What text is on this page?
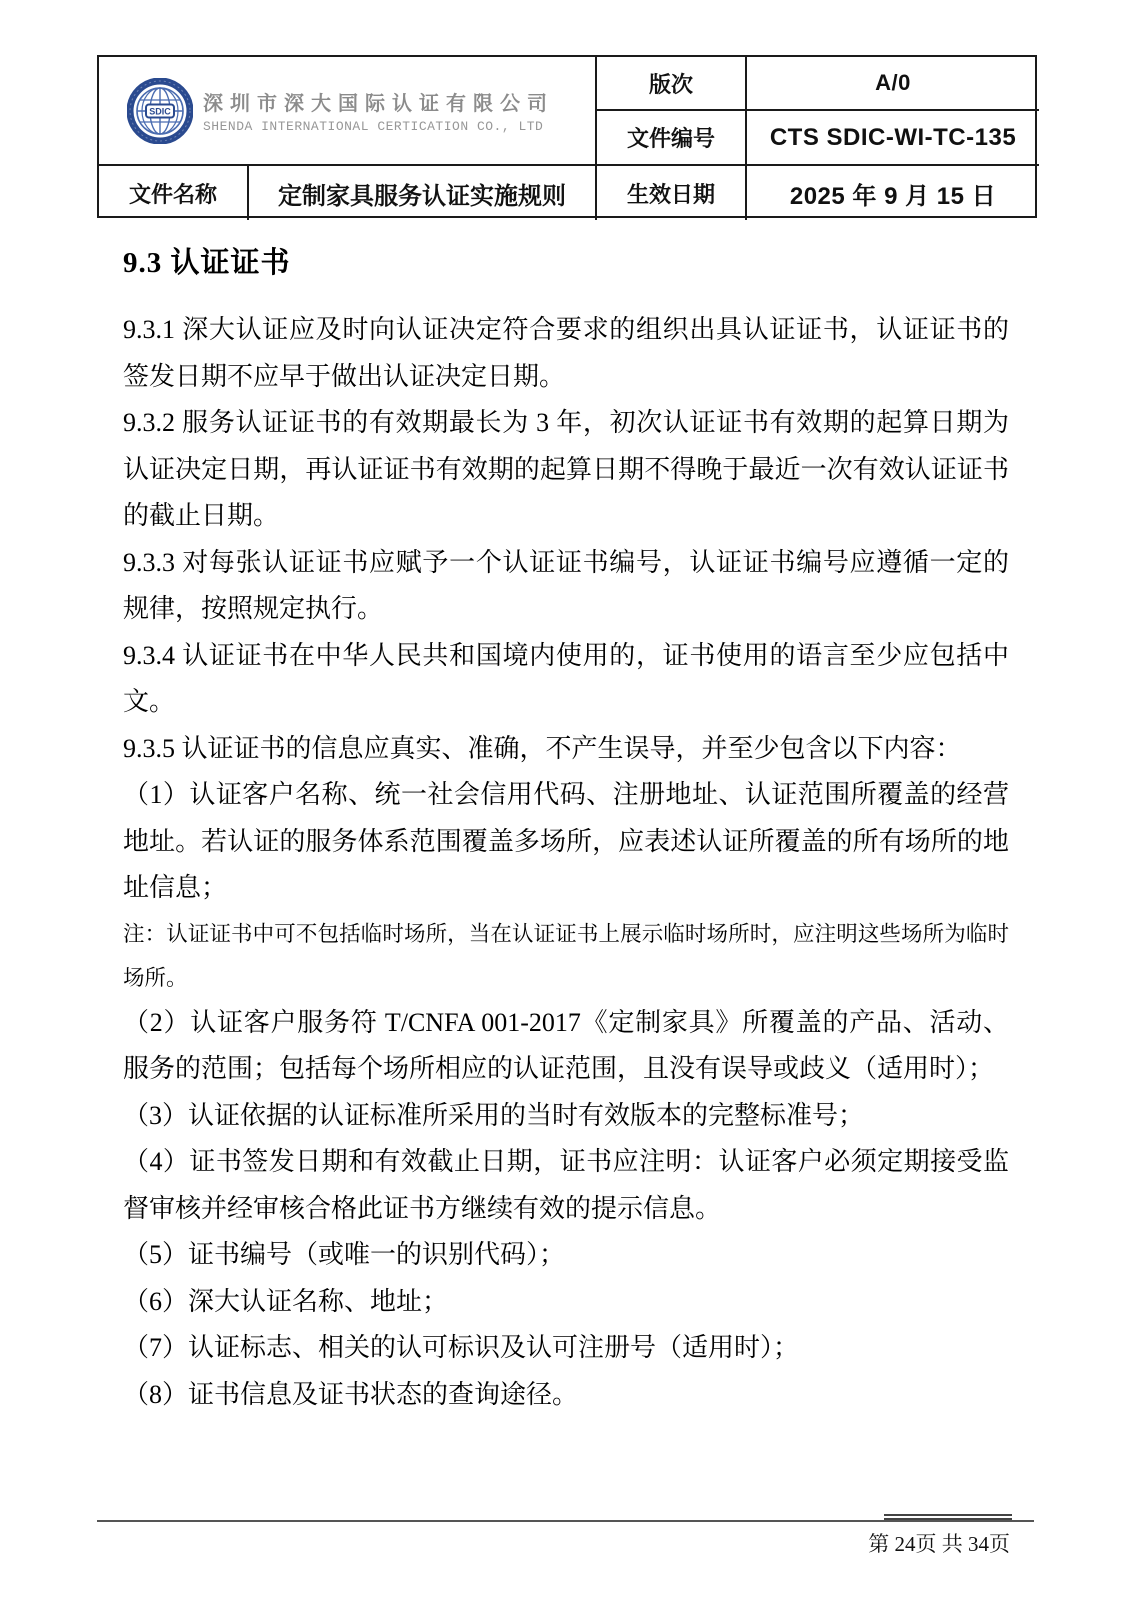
SDIC 深圳市深大国际认证有限公司
SHENDA INTERNATIONAL CERTICATION CO., LTD
版次	A/0
文件编号 CTS SDIC-WI-TC-135
文件名称	定制家具服务认证实施规则	生效日期	2025 年 9 月 15 日
9.3 认证证书
9.3.1 深大认证应及时向认证决定符合要求的组织出具认证证书，认证证书的签发日期不应早于做出认证决定日期。
9.3.2 服务认证证书的有效期最长为 3 年，初次认证证书有效期的起算日期为认证决定日期，再认证证书有效期的起算日期不得晚于最近一次有效认证证书的截止日期。
9.3.3 对每张认证证书应赋予一个认证证书编号，认证证书编号应遵循一定的规律，按照规定执行。
9.3.4 认证证书在中华人民共和国境内使用的，证书使用的语言至少应包括中文。
9.3.5 认证证书的信息应真实、准确，不产生误导，并至少包含以下内容：
（1）认证客户名称、统一社会信用代码、注册地址、认证范围所覆盖的经营地址。若认证的服务体系范围覆盖多场所，应表述认证所覆盖的所有场所的地址信息；
注：认证证书中可不包括临时场所，当在认证证书上展示临时场所时，应注明这些场所为临时场所。
（2）认证客户服务符 T/CNFA 001-2017《定制家具》所覆盖的产品、活动、服务的范围；包括每个场所相应的认证范围，且没有误导或歧义（适用时）；
（3）认证依据的认证标准所采用的当时有效版本的完整标准号；
（4）证书签发日期和有效截止日期，证书应注明：认证客户必须定期接受监督审核并经审核合格此证书方继续有效的提示信息。
（5）证书编号（或唯一的识别代码）；
（6）深大认证名称、地址；
（7）认证标志、相关的认可标识及认可注册号（适用时）；
（8）证书信息及证书状态的查询途径。
第 24页 共 34页
